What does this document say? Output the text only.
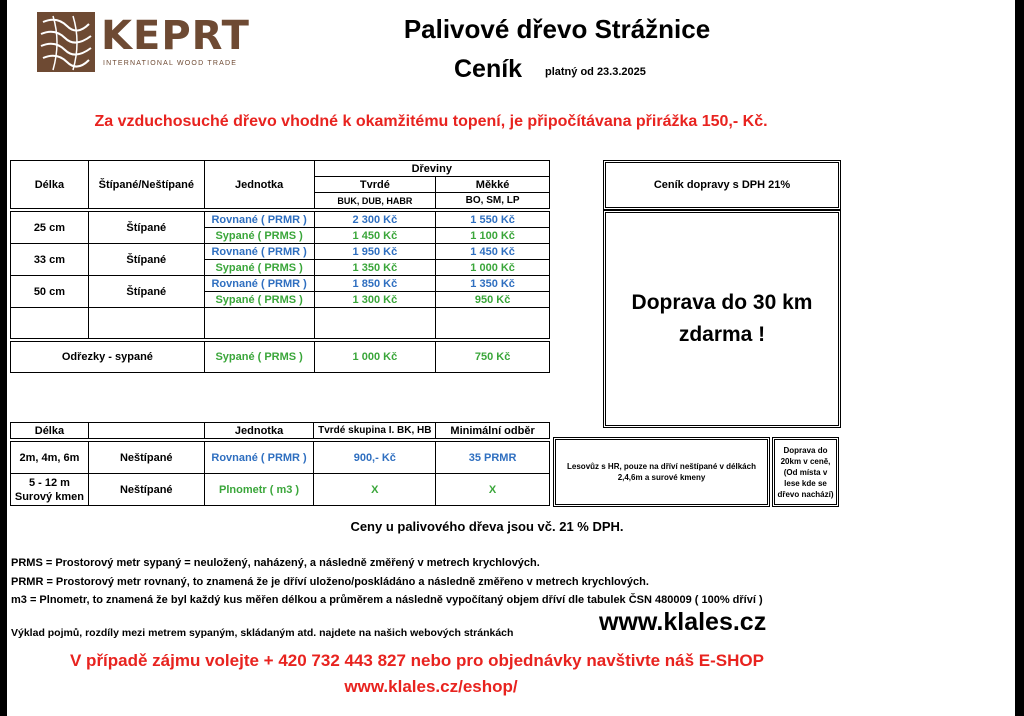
KEPRT
INTERNATIONAL WOOD TRADE
Palivové dřevo Strážnice
Ceník platný od 23.3.2025
Za vzduchosuché dřevo vhodné k okamžitému topení, je připočítávana přirážka 150,- Kč.
Délka	Štípané/Neštípané	Jednotka	Dřeviny	
			Tvrdé	Měkké
			BUK, DUB, HABR	BO, SM, LP

25 cm	Štípané	Rovnané ( PRMR )	2 300 Kč	1 550 Kč
		Sypané ( PRMS )	1 450 Kč	1 100 Kč
33 cm	Štípané	Rovnané ( PRMR )	1 950 Kč	1 450 Kč
		Sypané ( PRMS )	1 350 Kč	1 000 Kč
50 cm	Štípané	Rovnané ( PRMR )	1 850 Kč	1 350 Kč
		Sypané ( PRMS )	1 300 Kč	950 Kč

Odřezky - sypané		Sypané ( PRMS )	1 000 Kč	750 Kč
Ceník dopravy s DPH 21%
Doprava do 30 km
zdarma !
Délka		Jednotka	Tvrdé skupina I. BK, HB	Minimální odběr

2m, 4m, 6m	Neštípané	Rovnané ( PRMR )	900,- Kč	35 PRMR

5 - 12 m
Surový kmen	Neštípané	Plnometr ( m3 )	X	X
Lesovůz s HR, pouze na dříví neštípané v délkách 2,4,6m a surové kmeny
Doprava do 20km v ceně, (Od místa v lese kde se dřevo nachází)
Ceny u palivového dřeva jsou vč. 21 % DPH.
PRMS = Prostorový metr sypaný = neuložený, naházený, a následně změřený v metrech krychlových.
PRMR = Prostorový metr rovnaný, to znamená že je dříví uloženo/poskládáno a následně změřeno v metrech krychlových.
m3 = Plnometr, to znamená že byl každý kus měřen délkou a průměrem a následně vypočítaný objem dříví dle tabulek ČSN 480009 ( 100% dříví )
Výklad pojmů, rozdíly mezi metrem sypaným, skládaným atd. najdete na našich webových stránkách	www.klales.cz
V případě zájmu volejte + 420 732 443 827 nebo pro objednávky navštivte náš E-SHOP
www.klales.cz/eshop/
